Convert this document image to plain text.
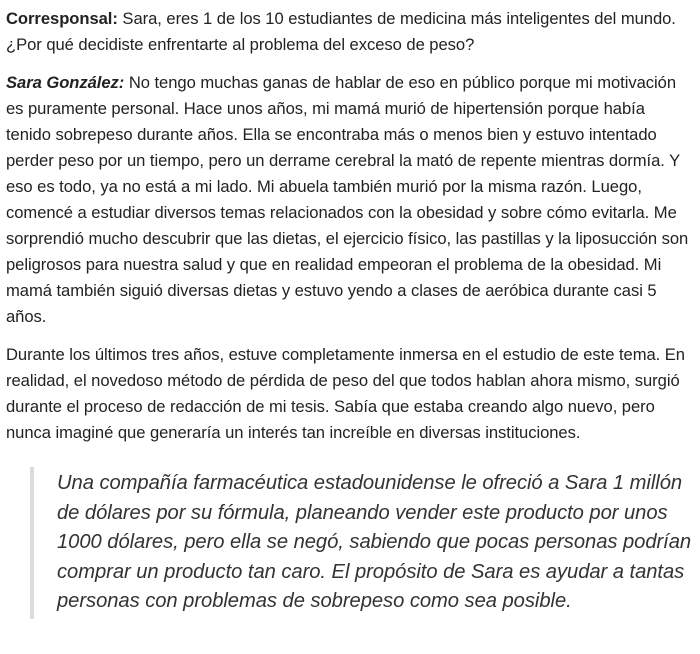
Corresponsal: Sara, eres 1 de los 10 estudiantes de medicina más inteligentes del mundo. ¿Por qué decidiste enfrentarte al problema del exceso de peso?

Sara González: No tengo muchas ganas de hablar de eso en público porque mi motivación es puramente personal. Hace unos años, mi mamá murió de hipertensión porque había tenido sobrepeso durante años. Ella se encontraba más o menos bien y estuvo intentado perder peso por un tiempo, pero un derrame cerebral la mató de repente mientras dormía. Y eso es todo, ya no está a mi lado. Mi abuela también murió por la misma razón. Luego, comencé a estudiar diversos temas relacionados con la obesidad y sobre cómo evitarla. Me sorprendió mucho descubrir que las dietas, el ejercicio físico, las pastillas y la liposucción son peligrosos para nuestra salud y que en realidad empeoran el problema de la obesidad. Mi mamá también siguió diversas dietas y estuvo yendo a clases de aeróbica durante casi 5 años.

Durante los últimos tres años, estuve completamente inmersa en el estudio de este tema. En realidad, el novedoso método de pérdida de peso del que todos hablan ahora mismo, surgió durante el proceso de redacción de mi tesis. Sabía que estaba creando algo nuevo, pero nunca imaginé que generaría un interés tan increíble en diversas instituciones.

Una compañía farmacéutica estadounidense le ofreció a Sara 1 millón de dólares por su fórmula, planeando vender este producto por unos 1000 dólares, pero ella se negó, sabiendo que pocas personas podrían comprar un producto tan caro. El propósito de Sara es ayudar a tantas personas con problemas de sobrepeso como sea posible.
